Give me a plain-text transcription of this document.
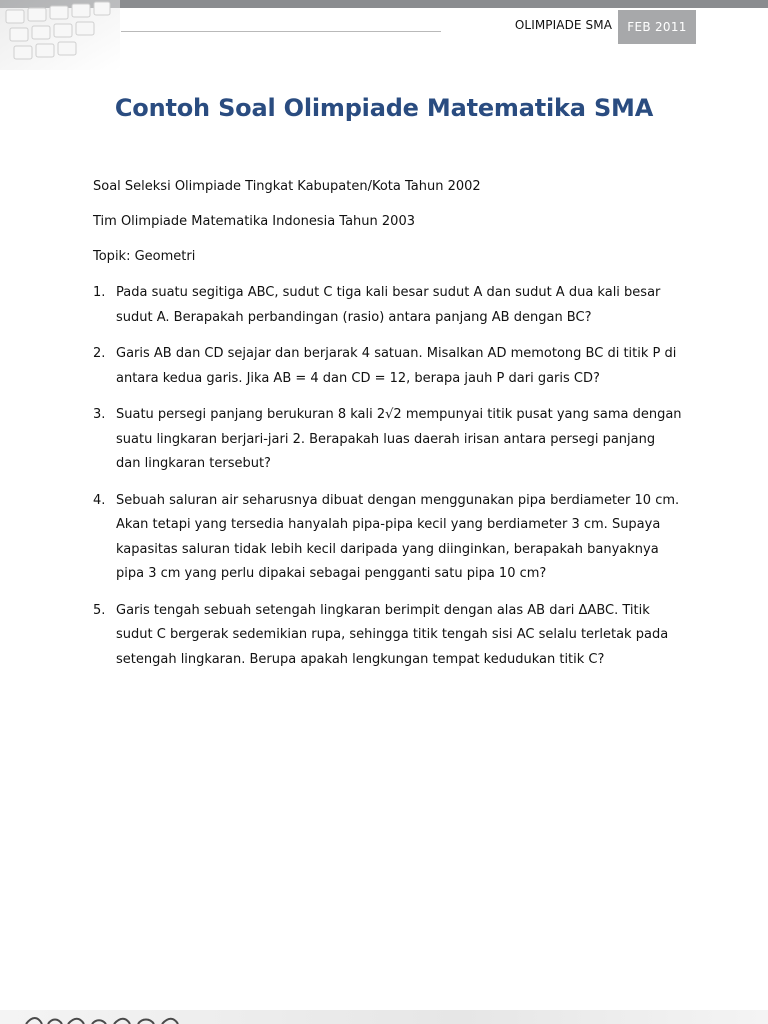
OLIMPIADE SMA	FEB 2011
Contoh Soal Olimpiade Matematika SMA
Soal Seleksi Olimpiade Tingkat Kabupaten/Kota Tahun 2002
Tim Olimpiade Matematika Indonesia Tahun 2003
Topik: Geometri
1. Pada suatu segitiga ABC, sudut C tiga kali besar sudut A dan sudut A dua kali besar sudut A. Berapakah perbandingan (rasio) antara panjang AB dengan BC?
2. Garis AB dan CD sejajar dan berjarak 4 satuan. Misalkan AD memotong BC di titik P di antara kedua garis. Jika AB = 4 dan CD = 12, berapa jauh P dari garis CD?
3. Suatu persegi panjang berukuran 8 kali 2√2 mempunyai titik pusat yang sama dengan suatu lingkaran berjari-jari 2. Berapakah luas daerah irisan antara persegi panjang dan lingkaran tersebut?
4. Sebuah saluran air seharusnya dibuat dengan menggunakan pipa berdiameter 10 cm. Akan tetapi yang tersedia hanyalah pipa-pipa kecil yang berdiameter 3 cm. Supaya kapasitas saluran tidak lebih kecil daripada yang diinginkan, berapakah banyaknya pipa 3 cm yang perlu dipakai sebagai pengganti satu pipa 10 cm?
5. Garis tengah sebuah setengah lingkaran berimpit dengan alas AB dari ΔABC. Titik sudut C bergerak sedemikian rupa, sehingga titik tengah sisi AC selalu terletak pada setengah lingkaran. Berupa apakah lengkungan tempat kedudukan titik C?
